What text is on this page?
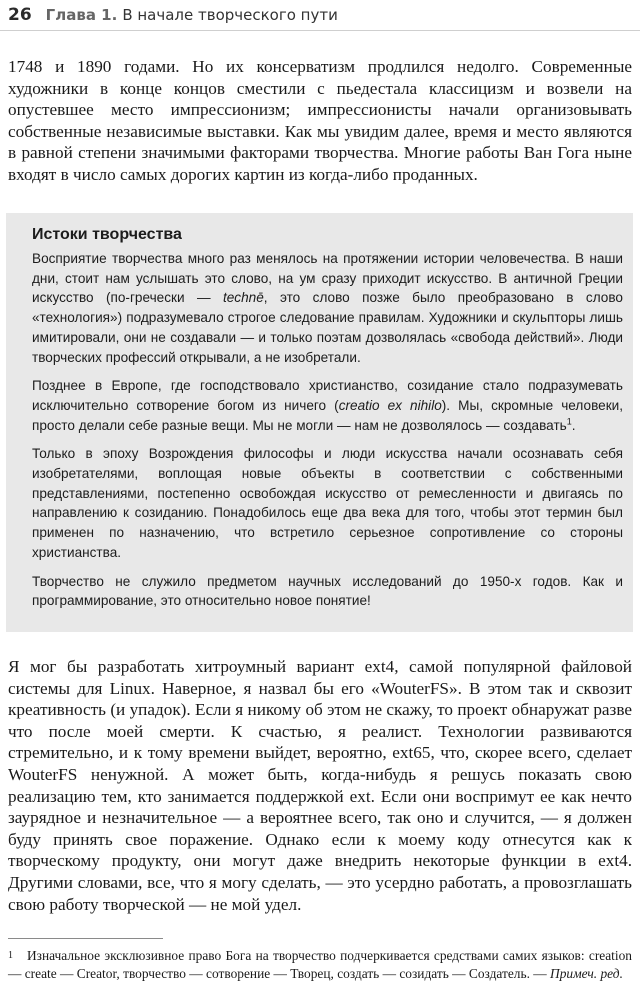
26 Глава 1. В начале творческого пути

1748 и 1890 годами. Но их консерватизм продлился недолго. Современные художники в конце концов сместили с пьедестала классицизм и возвели на опустевшее место импрессионизм; импрессионисты начали организовывать собственные независимые выставки. Как мы увидим далее, время и место являются в равной степени значимыми факторами творчества. Многие работы Ван Гога ныне входят в число самых дорогих картин из когда-либо проданных.

Истоки творчества

Восприятие творчества много раз менялось на протяжении истории человечества. В наши дни, стоит нам услышать это слово, на ум сразу приходит искусство. В античной Греции искусство (по-гречески — technē, это слово позже было преобразовано в слово «технология») подразумевало строгое следование правилам. Художники и скульпторы лишь имитировали, они не создавали — и только поэтам дозволялась «свобода действий». Люди творческих профессий открывали, а не изобретали.

Позднее в Европе, где господствовало христианство, созидание стало подразумевать исключительно сотворение богом из ничего (creatio ex nihilo). Мы, скромные человеки, просто делали себе разные вещи. Мы не могли — нам не дозволялось — создавать$^1$.

Только в эпоху Возрождения философы и люди искусства начали осознавать себя изобретателями, воплощая новые объекты в соответствии с собственными представлениями, постепенно освобождая искусство от ремесленности и двигаясь по направлению к созиданию. Понадобилось еще два века для того, чтобы этот термин был применен по назначению, что встретило серьезное сопротивление со стороны христианства.

Творчество не служило предметом научных исследований до 1950-х годов. Как и программирование, это относительно новое понятие!

Я мог бы разработать хитроумный вариант ext4, самой популярной файловой системы для Linux. Наверное, я назвал бы его «WouterFS». В этом так и сквозит креативность (и упадок). Если я никому об этом не скажу, то проект обнаружат разве что после моей смерти. К счастью, я реалист. Технологии развиваются стремительно, и к тому времени выйдет, вероятно, ext65, что, скорее всего, сделает WouterFS ненужной. А может быть, когда-нибудь я решусь показать свою реализацию тем, кто занимается поддержкой ext. Если они воспримут ее как нечто заурядное и незначительное — а вероятнее всего, так оно и случится, — я должен буду принять свое поражение. Однако если к моему коду отнесутся как к творческому продукту, они могут даже внедрить некоторые функции в ext4. Другими словами, все, что я могу сделать, — это усердно работать, а провозглашать свою работу творческой — не мой удел.

$^1$ Изначальное эксклюзивное право Бога на творчество подчеркивается средствами самих языков: creation — create — Creator, творчество — сотворение — Творец, создать — созидать — Создатель. — Примеч. ред.
